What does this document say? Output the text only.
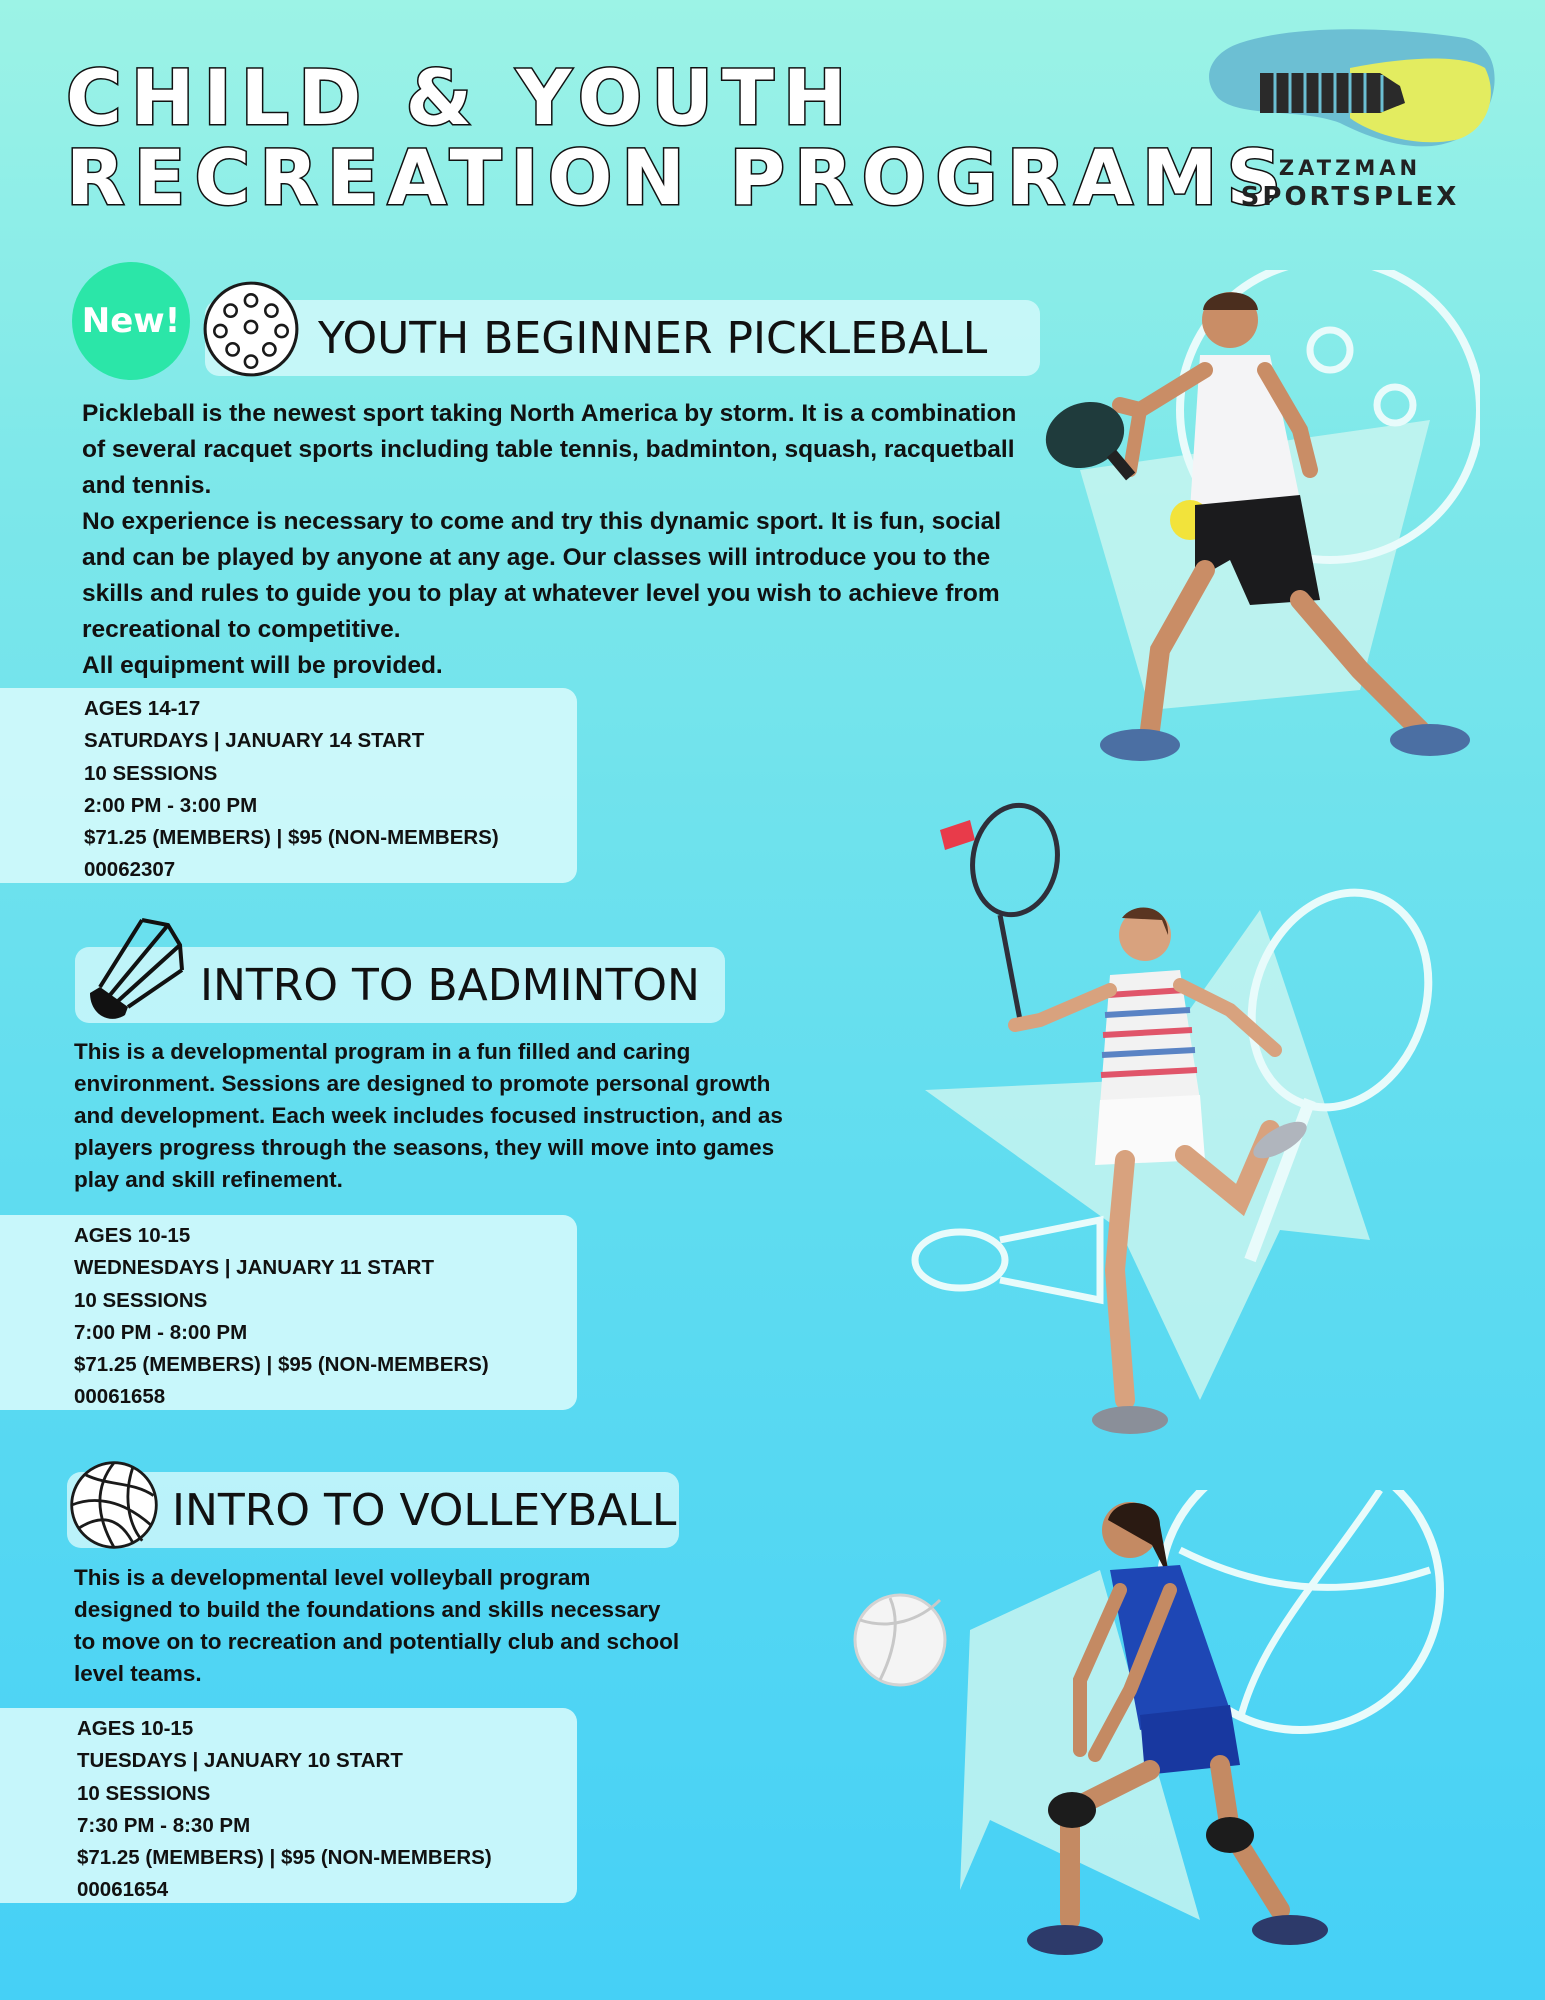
CHILD & YOUTH
RECREATION PROGRAMS
ZATZMAN
SPORTSPLEX
New!	YOUTH BEGINNER PICKLEBALL

Pickleball is the newest sport taking North America by storm. It is a combination of several racquet sports including table tennis, badminton, squash, racquetball and tennis.

No experience is necessary to come and try this dynamic sport. It is fun, social and can be played by anyone at any age. Our classes will introduce you to the skills and rules to guide you to play at whatever level you wish to achieve from recreational to competitive.

All equipment will be provided.

AGES 14-17
SATURDAYS | JANUARY 14 START
10 SESSIONS
2:00 PM - 3:00 PM
$71.25 (MEMBERS) | $95 (NON-MEMBERS)
00062307
INTRO TO BADMINTON

This is a developmental program in a fun filled and caring environment. Sessions are designed to promote personal growth and development. Each week includes focused instruction, and as players progress through the seasons, they will move into games play and skill refinement.

AGES 10-15
WEDNESDAYS | JANUARY 11 START
10 SESSIONS
7:00 PM - 8:00 PM
$71.25 (MEMBERS) | $95 (NON-MEMBERS)
00061658
INTRO TO VOLLEYBALL

This is a developmental level volleyball program designed to build the foundations and skills necessary to move on to recreation and potentially club and school level teams.

AGES 10-15
TUESDAYS | JANUARY 10 START
10 SESSIONS
7:30 PM - 8:30 PM
$71.25 (MEMBERS) | $95 (NON-MEMBERS)
00061654
